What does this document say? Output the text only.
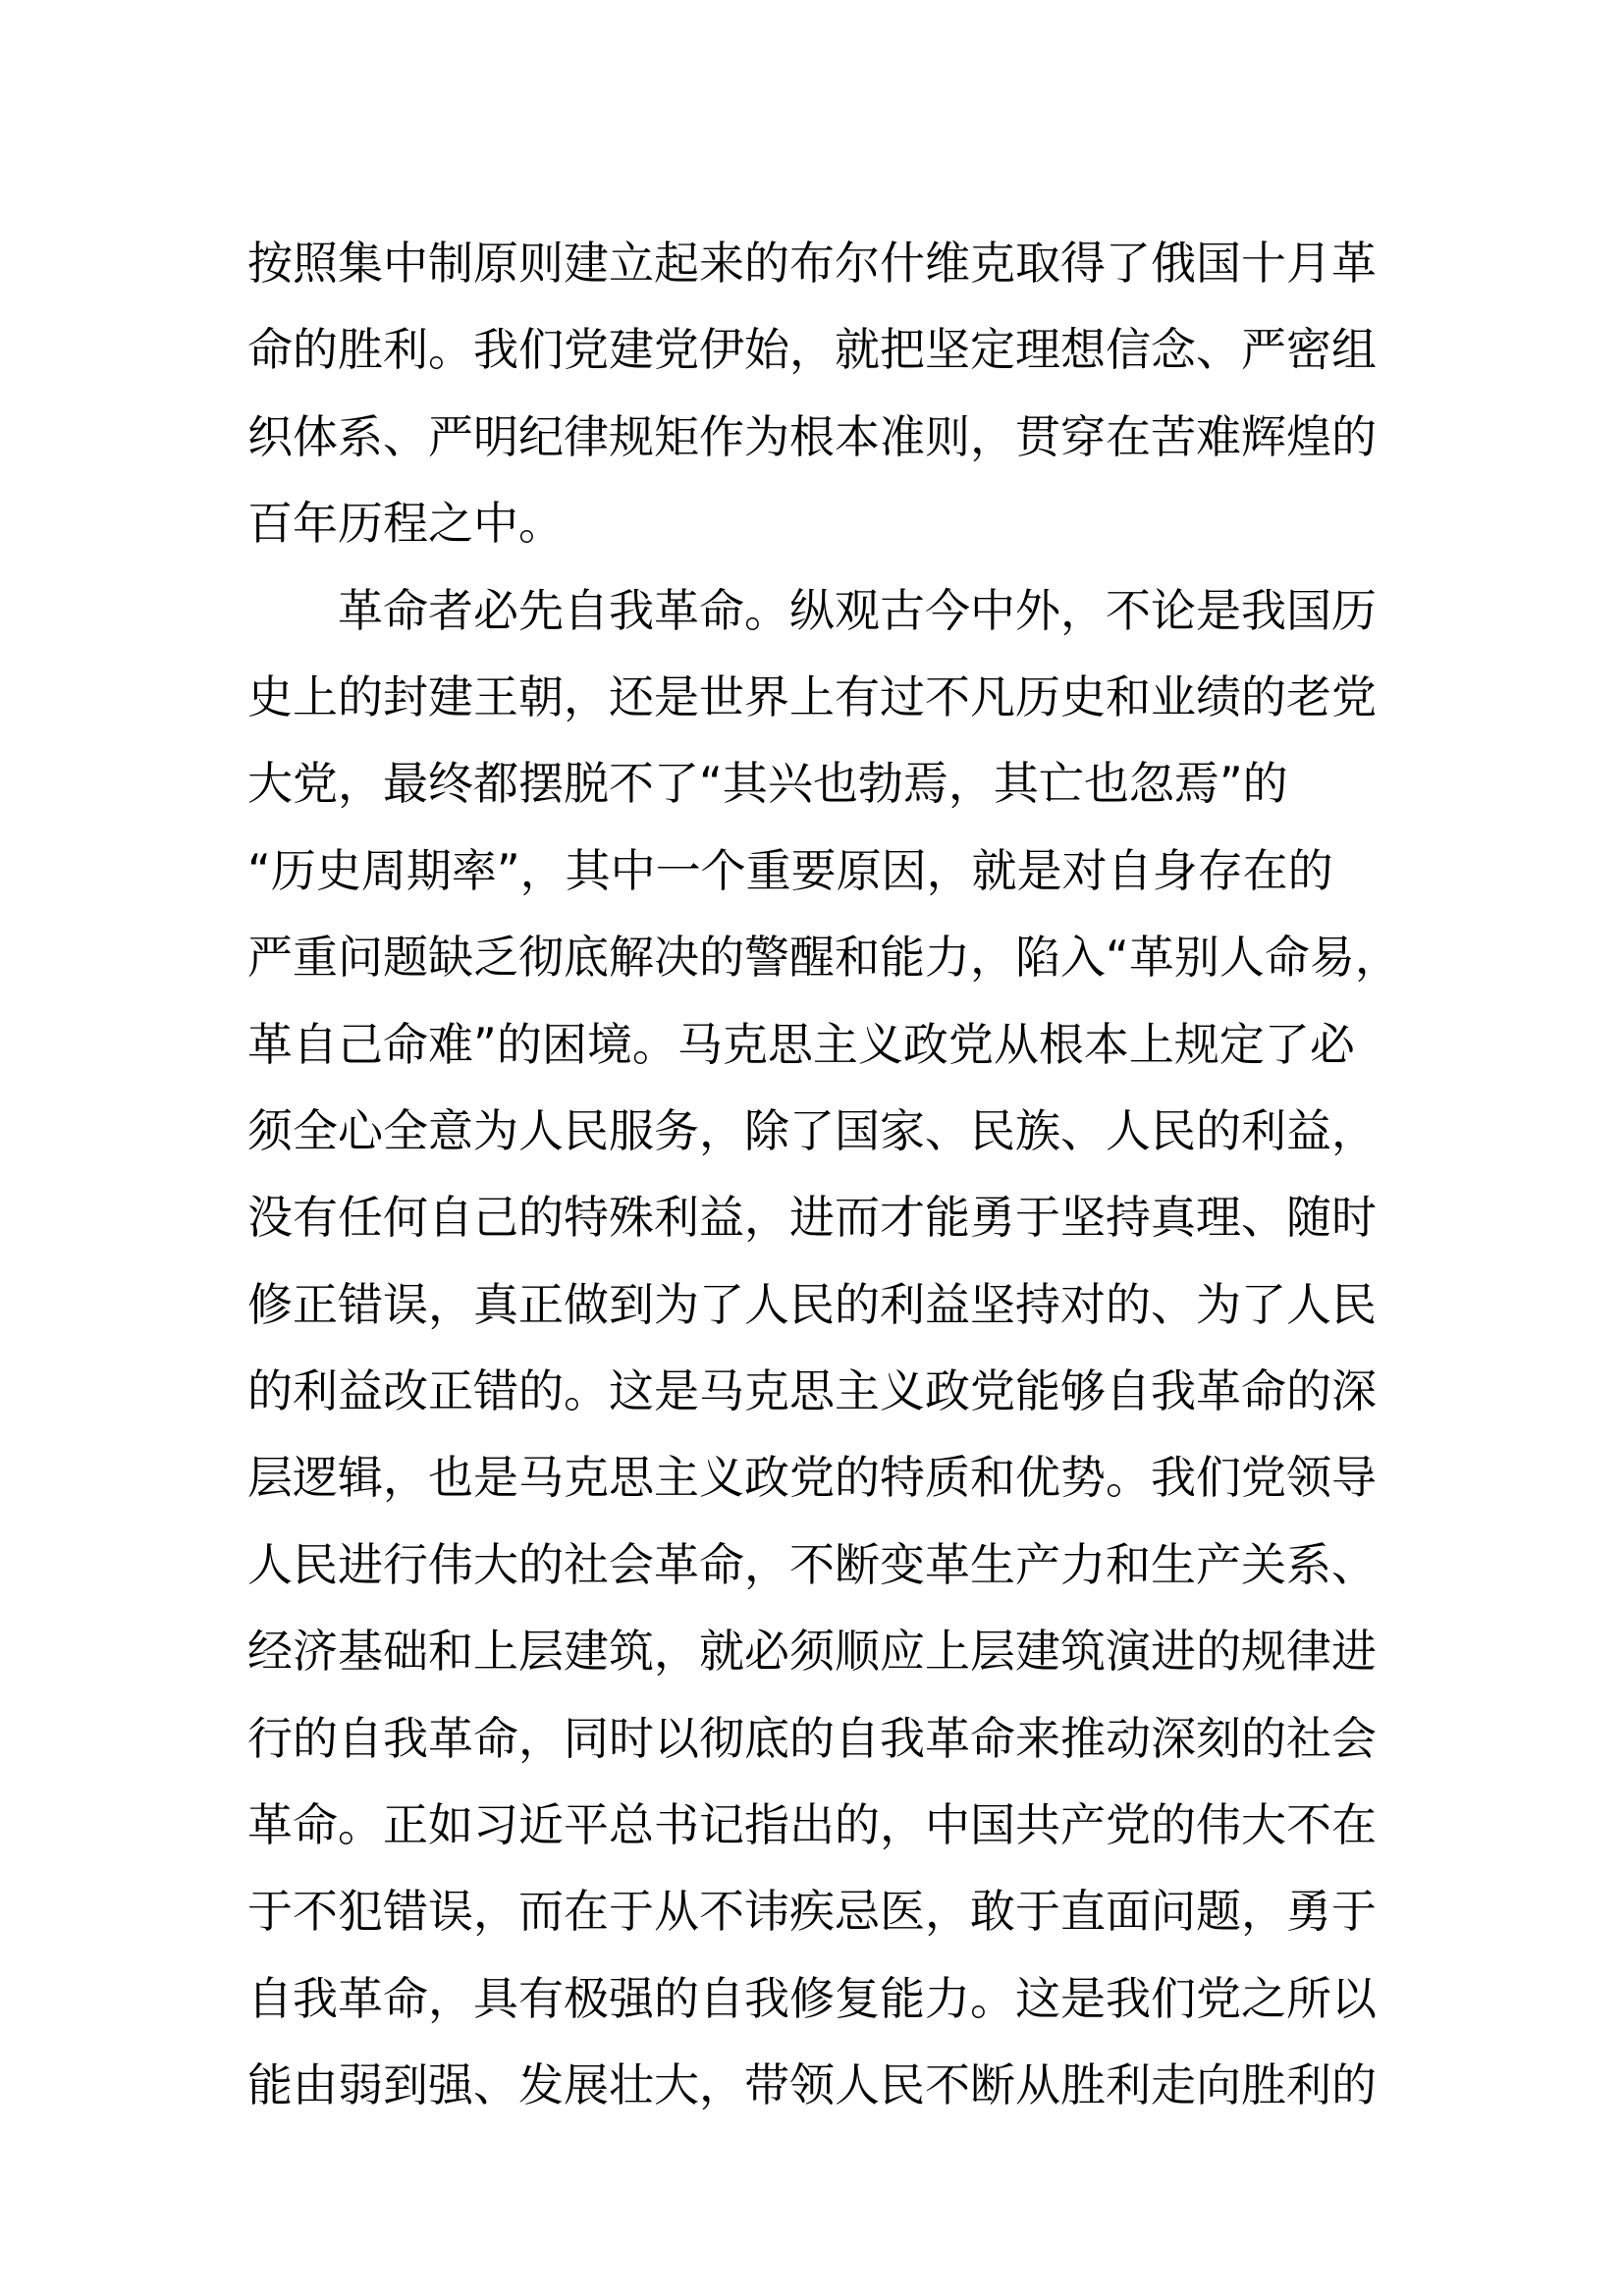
按照集中制原则建立起来的布尔什维克取得了俄国十月革
命的胜利。我们党建党伊始，就把坚定理想信念、严密组
织体系、严明纪律规矩作为根本准则，贯穿在苦难辉煌的
百年历程之中。
革命者必先自我革命。纵观古今中外，不论是我国历
史上的封建王朝，还是世界上有过不凡历史和业绩的老党
大党，最终都摆脱不了“其兴也勃焉，其亡也忽焉”的
“历史周期率”，其中一个重要原因，就是对自身存在的
严重问题缺乏彻底解决的警醒和能力，陷入“革别人命易，
革自己命难”的困境。马克思主义政党从根本上规定了必
须全心全意为人民服务，除了国家、民族、人民的利益，
没有任何自己的特殊利益，进而才能勇于坚持真理、随时
修正错误，真正做到为了人民的利益坚持对的、为了人民
的利益改正错的。这是马克思主义政党能够自我革命的深
层逻辑，也是马克思主义政党的特质和优势。我们党领导
人民进行伟大的社会革命，不断变革生产力和生产关系、
经济基础和上层建筑，就必须顺应上层建筑演进的规律进
行的自我革命，同时以彻底的自我革命来推动深刻的社会
革命。正如习近平总书记指出的，中国共产党的伟大不在
于不犯错误，而在于从不讳疾忌医，敢于直面问题，勇于
自我革命，具有极强的自我修复能力。这是我们党之所以
能由弱到强、发展壮大，带领人民不断从胜利走向胜利的
